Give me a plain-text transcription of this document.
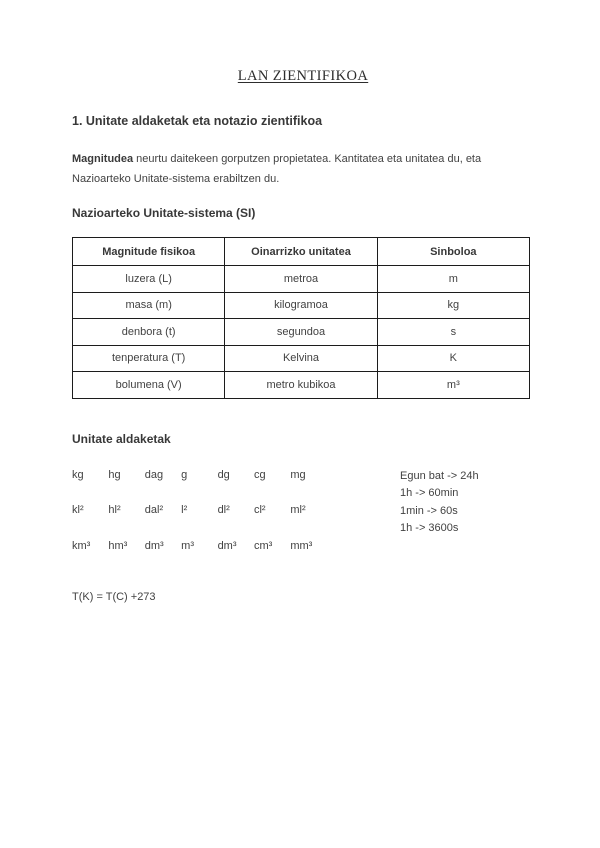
LAN ZIENTIFIKOA
1. Unitate aldaketak eta notazio zientifikoa
Magnitudea neurtu daitekeen gorputzen propietatea. Kantitatea eta unitatea du, eta
Nazioarteko Unitate-sistema erabiltzen du.
Nazioarteko Unitate-sistema (SI)
Magnitude fisikoa	Oinarrizko unitatea	Sinboloa
luzera (L)	metroa	m
masa (m)	kilogramoa	kg
denbora (t)	segundoa	s
tenperatura (T)	Kelvina	K
bolumena (V)	metro kubikoa	m³
Unitate aldaketak
kg	hg	dag	g	dg	cg	mg
kl²	hl²	dal²	l²	dl²	cl²	ml²
km³	hm³	dm³	m³	dm³	cm³	mm³
Egun bat -> 24h
1h -> 60min
1min -> 60s
1h -> 3600s
T(K) = T(C) +273
